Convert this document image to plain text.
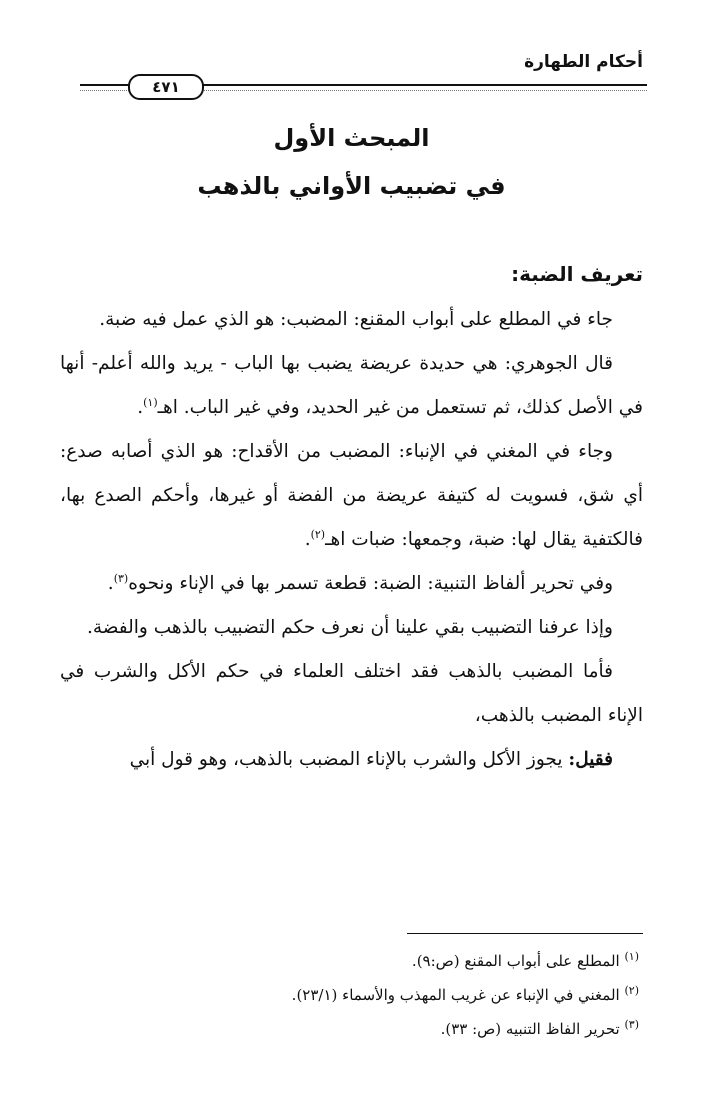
أحكام الطهارة
٤٧١
المبحث الأول
في تضبيب الأواني بالذهب

تعريف الضبة:

جاء في المطلع على أبواب المقنع: المضبب: هو الذي عمل فيه ضبة.

قال الجوهري: هي حديدة عريضة يضبب بها الباب - يريد والله أعلم- أنها في الأصل كذلك، ثم تستعمل من غير الحديد، وفي غير الباب. اهـ$^{(١)}$.

وجاء في المغني في الإنباء: المضبب من الأقداح: هو الذي أصابه صدع: أي شق، فسويت له كتيفة عريضة من الفضة أو غيرها، وأحكم الصدع بها، فالكتفية يقال لها: ضبة، وجمعها: ضبات اهـ$^{(٢)}$.

وفي تحرير ألفاظ التنبية: الضبة: قطعة تسمر بها في الإناء ونحوه$^{(٣)}$.

وإذا عرفنا التضبيب بقي علينا أن نعرف حكم التضبيب بالذهب والفضة.

فأما المضبب بالذهب فقد اختلف العلماء في حكم الأكل والشرب في الإناء المضبب بالذهب،

فقيل: يجوز الأكل والشرب بالإناء المضبب بالذهب، وهو قول أبي

$^{(١)}$ المطلع على أبواب المقنع (ص:٩).
$^{(٢)}$ المغني في الإنباء عن غريب المهذب والأسماء (٢٣/١).
$^{(٣)}$ تحرير الفاظ التنبيه (ص: ٣٣).
